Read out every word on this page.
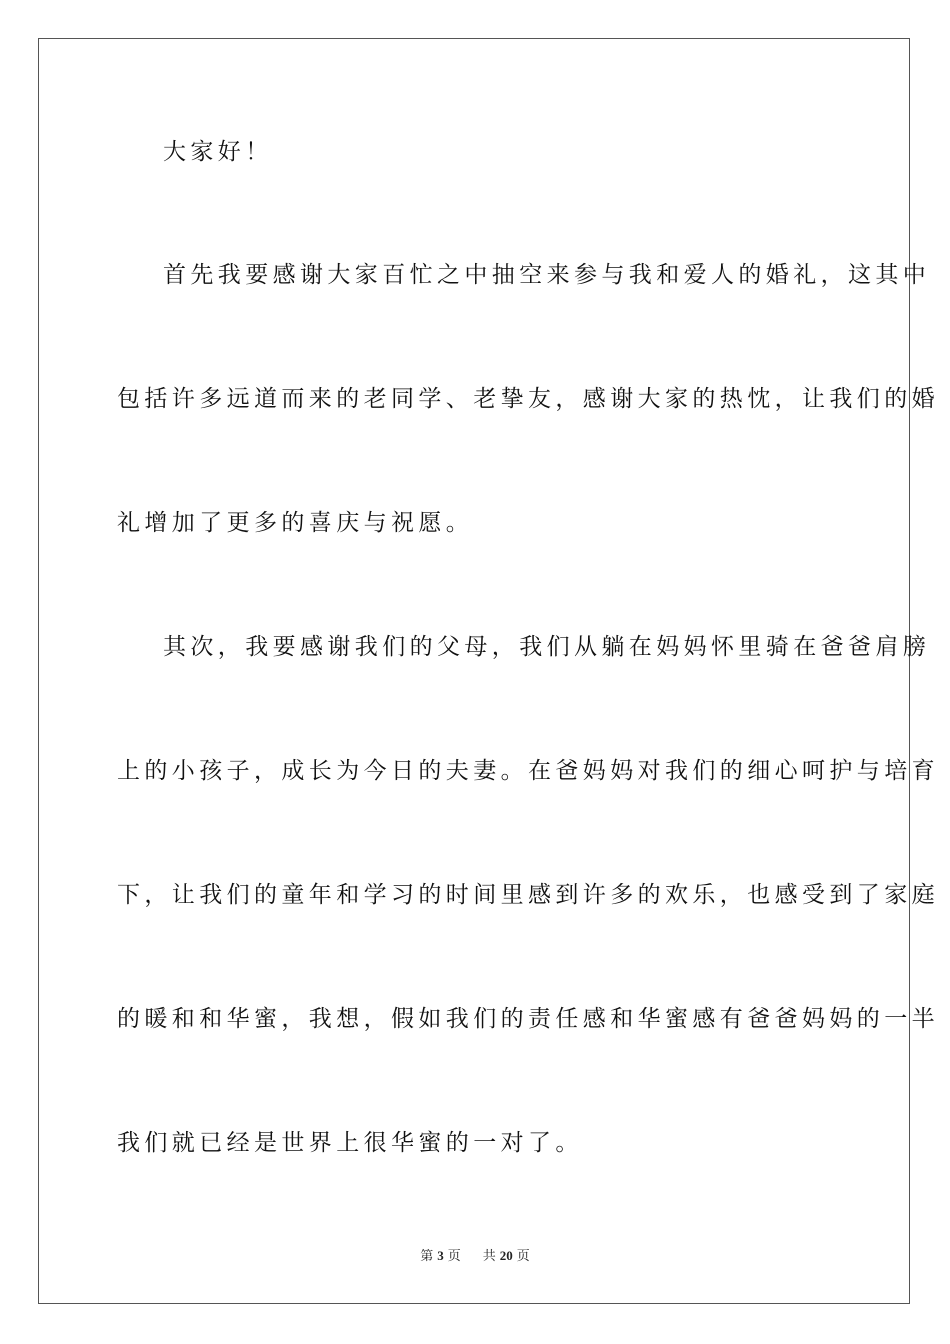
大家好！
首先我要感谢大家百忙之中抽空来参与我和爱人的婚礼，这其中
包括许多远道而来的老同学、老挚友，感谢大家的热忱，让我们的婚
礼增加了更多的喜庆与祝愿。
其次，我要感谢我们的父母，我们从躺在妈妈怀里骑在爸爸肩膀
上的小孩子，成长为今日的夫妻。在爸妈妈对我们的细心呵护与培育
下，让我们的童年和学习的时间里感到许多的欢乐，也感受到了家庭
的暖和和华蜜，我想，假如我们的责任感和华蜜感有爸爸妈妈的一半
我们就已经是世界上很华蜜的一对了。
第 3 页 共 20 页
